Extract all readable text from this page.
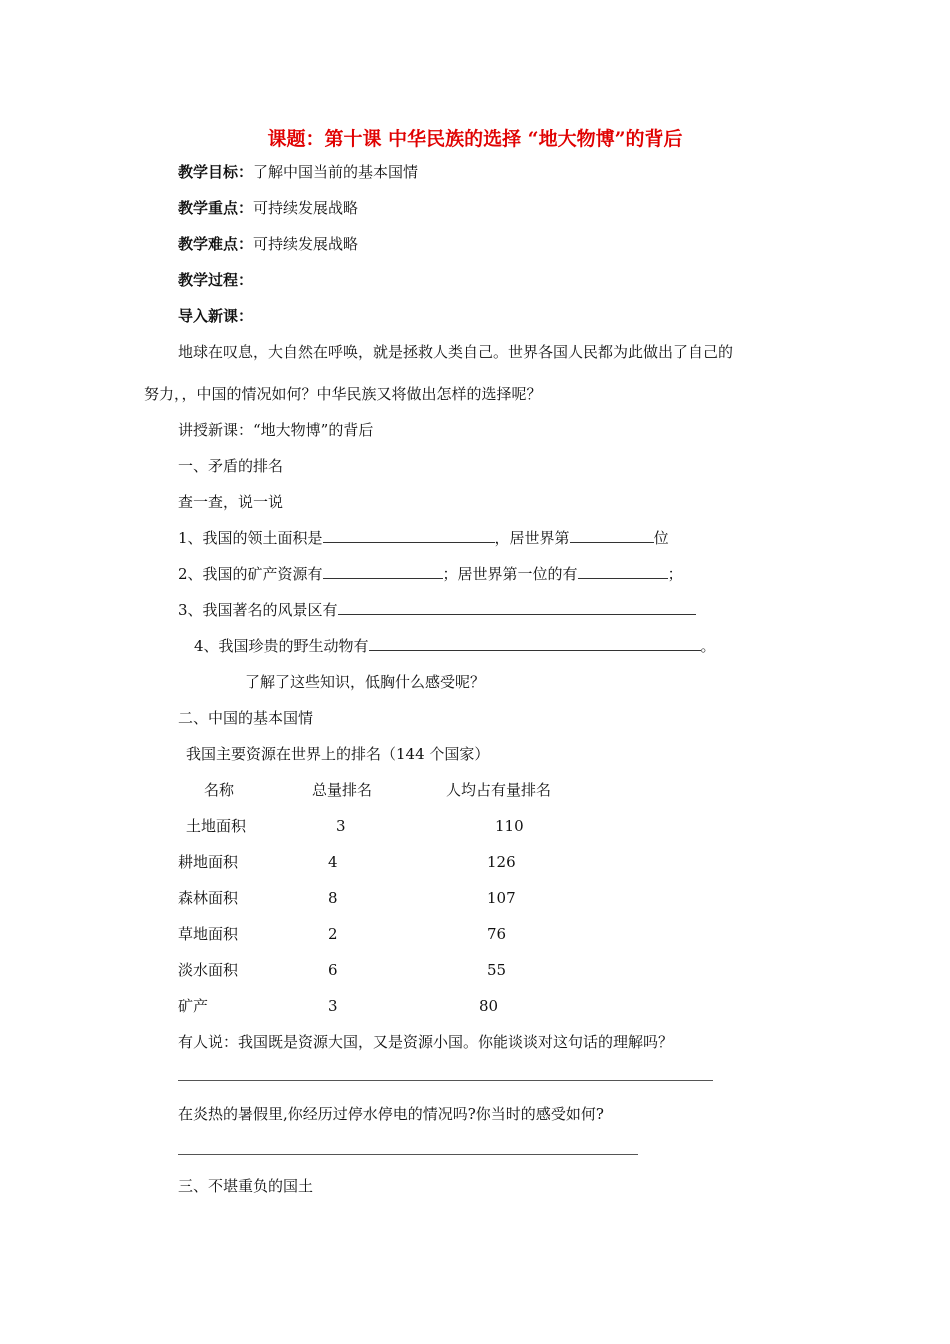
课题：第十课 中华民族的选择 “地大物博”的背后
教学目标：了解中国当前的基本国情
教学重点：可持续发展战略
教学难点：可持续发展战略
教学过程：
导入新课：
地球在叹息，大自然在呼唤，就是拯救人类自己。世界各国人民都为此做出了自己的
努力，，中国的情况如何？中华民族又将做出怎样的选择呢？
讲授新课：“地大物博”的背后
一、矛盾的排名
查一查，说一说
1、我国的领土面积是	，居世界第	位
2、我国的矿产资源有	；居世界第一位的有	；
3、我国著名的风景区有
4、我国珍贵的野生动物有	。
了解了这些知识，低胸什么感受呢？
二、中国的基本国情
我国主要资源在世界上的排名（144 个国家）
名称	总量排名	人均占有量排名
土地面积	3	110
耕地面积	4	126
森林面积	8	107
草地面积	2	76
淡水面积	6	55
矿产	3	80
有人说：我国既是资源大国，又是资源小国。你能谈谈对这句话的理解吗？
在炎热的暑假里,你经历过停水停电的情况吗?你当时的感受如何?
三、不堪重负的国土
